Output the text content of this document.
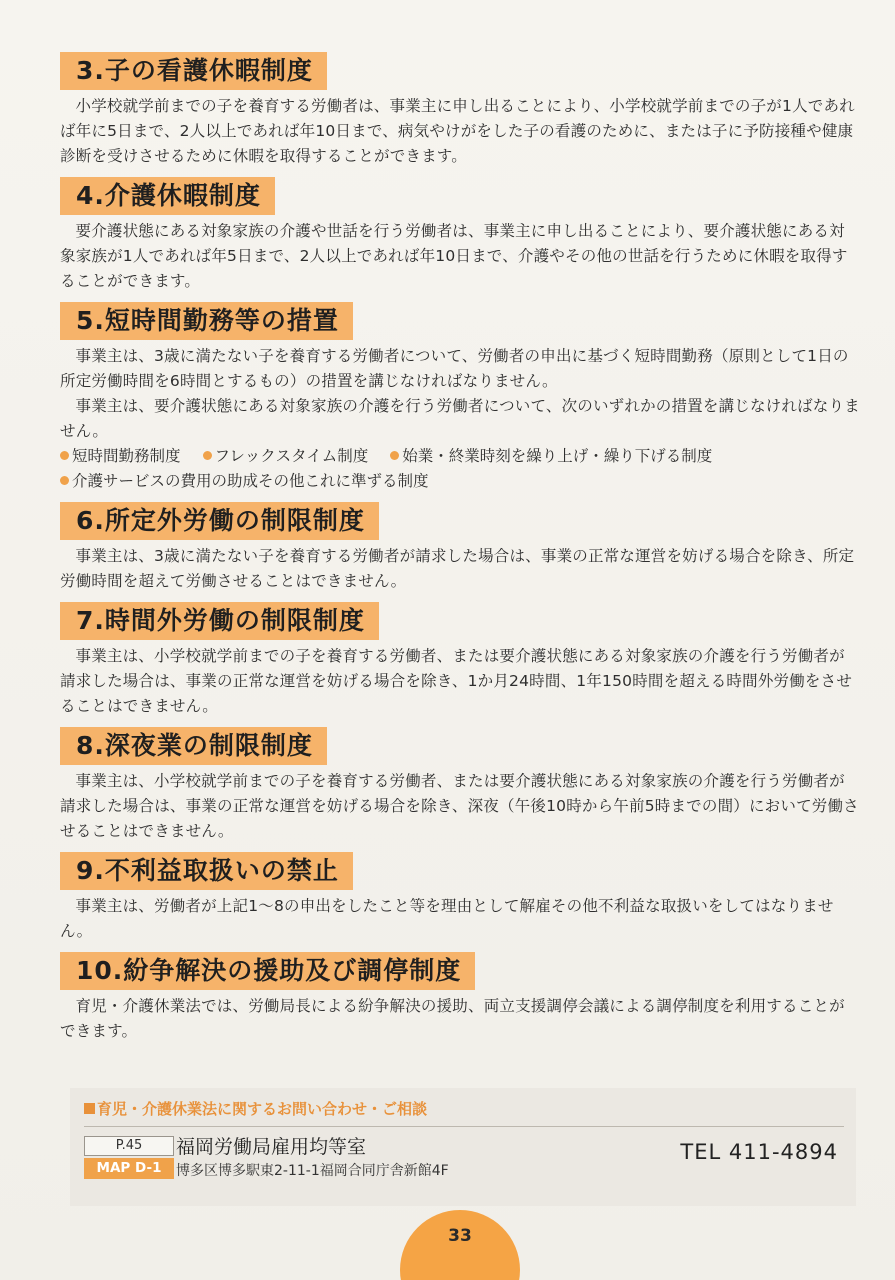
3.子の看護休暇制度

小学校就学前までの子を養育する労働者は、事業主に申し出ることにより、小学校就学前までの子が1人であれば年に5日まで、2人以上であれば年10日まで、病気やけがをした子の看護のために、または子に予防接種や健康診断を受けさせるために休暇を取得することができます。

4.介護休暇制度

要介護状態にある対象家族の介護や世話を行う労働者は、事業主に申し出ることにより、要介護状態にある対象家族が1人であれば年5日まで、2人以上であれば年10日まで、介護やその他の世話を行うために休暇を取得することができます。

5.短時間勤務等の措置

事業主は、3歳に満たない子を養育する労働者について、労働者の申出に基づく短時間勤務（原則として1日の所定労働時間を6時間とするもの）の措置を講じなければなりません。

事業主は、要介護状態にある対象家族の介護を行う労働者について、次のいずれかの措置を講じなければなりません。

短時間勤務制度	フレックスタイム制度	始業・終業時刻を繰り上げ・繰り下げる制度
介護サービスの費用の助成その他これに準ずる制度
6.所定外労働の制限制度

事業主は、3歳に満たない子を養育する労働者が請求した場合は、事業の正常な運営を妨げる場合を除き、所定労働時間を超えて労働させることはできません。

7.時間外労働の制限制度

事業主は、小学校就学前までの子を養育する労働者、または要介護状態にある対象家族の介護を行う労働者が請求した場合は、事業の正常な運営を妨げる場合を除き、1か月24時間、1年150時間を超える時間外労働をさせることはできません。

8.深夜業の制限制度

事業主は、小学校就学前までの子を養育する労働者、または要介護状態にある対象家族の介護を行う労働者が請求した場合は、事業の正常な運営を妨げる場合を除き、深夜（午後10時から午前5時までの間）において労働させることはできません。

9.不利益取扱いの禁止

事業主は、労働者が上記1～8の申出をしたこと等を理由として解雇その他不利益な取扱いをしてはなりません。

10.紛争解決の援助及び調停制度

育児・介護休業法では、労働局長による紛争解決の援助、両立支援調停会議による調停制度を利用することができます。

育児・介護休業法に関するお問い合わせ・ご相談
P.45
MAP D-1
福岡労働局雇用均等室
博多区博多駅東2-11-1福岡合同庁舎新館4F
TEL 411-4894
33
